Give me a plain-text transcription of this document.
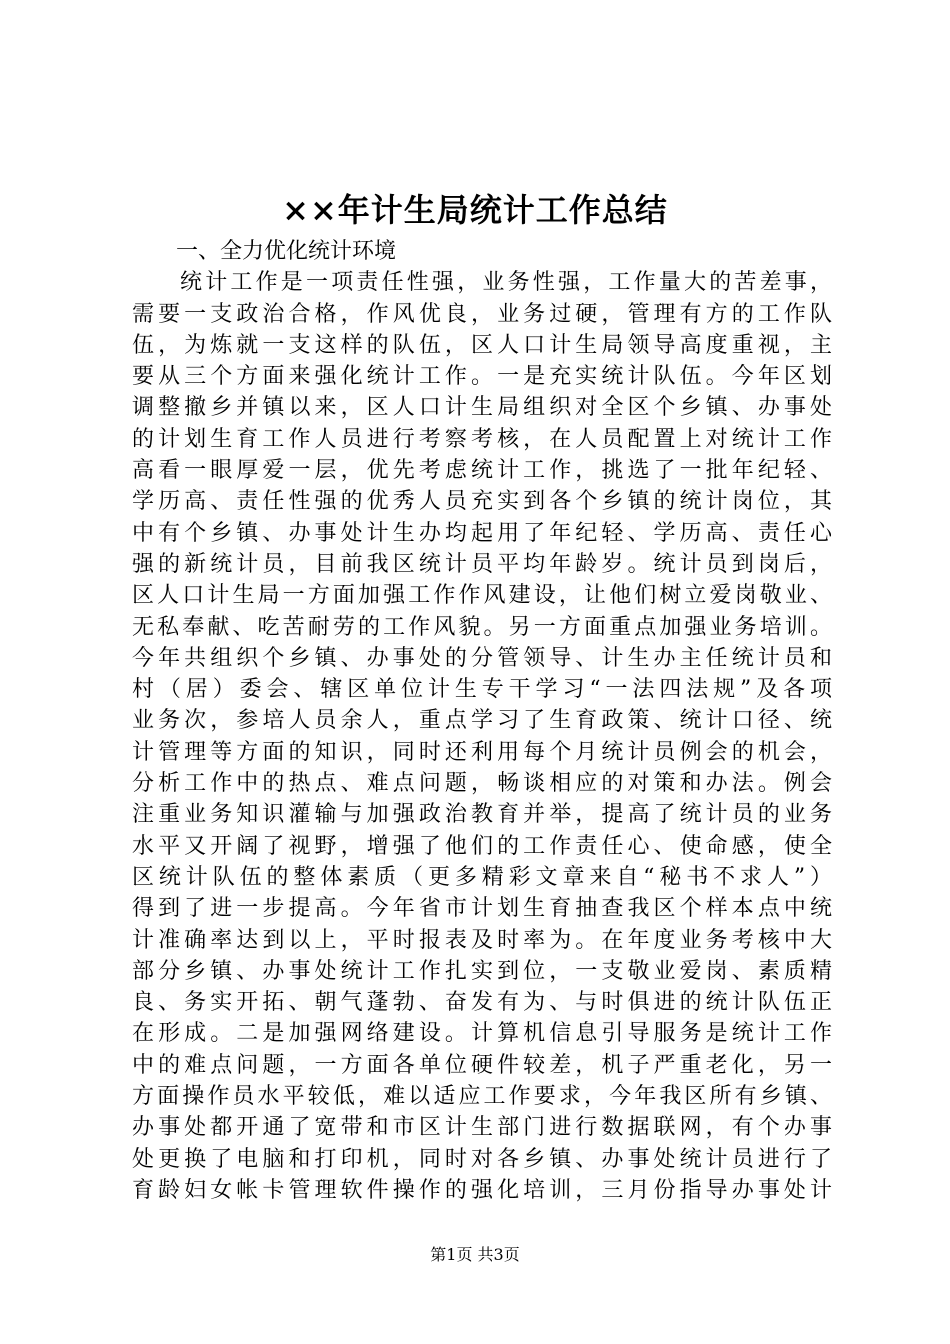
××年计生局统计工作总结
一、全力优化统计环境
统计工作是一项责任性强，业务性强，工作量大的苦差事，
需要一支政治合格，作风优良，业务过硬，管理有方的工作队
伍，为炼就一支这样的队伍，区人口计生局领导高度重视，主
要从三个方面来强化统计工作。一是充实统计队伍。今年区划
调整撤乡并镇以来，区人口计生局组织对全区个乡镇、办事处
的计划生育工作人员进行考察考核，在人员配置上对统计工作
高看一眼厚爱一层，优先考虑统计工作，挑选了一批年纪轻、
学历高、责任性强的优秀人员充实到各个乡镇的统计岗位，其
中有个乡镇、办事处计生办均起用了年纪轻、学历高、责任心
强的新统计员，目前我区统计员平均年龄岁。统计员到岗后，
区人口计生局一方面加强工作作风建设，让他们树立爱岗敬业、
无私奉献、吃苦耐劳的工作风貌。另一方面重点加强业务培训。
今年共组织个乡镇、办事处的分管领导、计生办主任统计员和
村（居）委会、辖区单位计生专干学习“一法四法规”及各项
业务次，参培人员余人，重点学习了生育政策、统计口径、统
计管理等方面的知识，同时还利用每个月统计员例会的机会，
分析工作中的热点、难点问题，畅谈相应的对策和办法。例会
注重业务知识灌输与加强政治教育并举，提高了统计员的业务
水平又开阔了视野，增强了他们的工作责任心、使命感，使全
区统计队伍的整体素质（更多精彩文章来自“秘书不求人”）
得到了进一步提高。今年省市计划生育抽查我区个样本点中统
计准确率达到以上，平时报表及时率为。在年度业务考核中大
部分乡镇、办事处统计工作扎实到位，一支敬业爱岗、素质精
良、务实开拓、朝气蓬勃、奋发有为、与时俱进的统计队伍正
在形成。二是加强网络建设。计算机信息引导服务是统计工作
中的难点问题，一方面各单位硬件较差，机子严重老化，另一
方面操作员水平较低，难以适应工作要求，今年我区所有乡镇、
办事处都开通了宽带和市区计生部门进行数据联网，有个办事
处更换了电脑和打印机，同时对各乡镇、办事处统计员进行了
育龄妇女帐卡管理软件操作的强化培训，三月份指导办事处计
第1页 共3页
